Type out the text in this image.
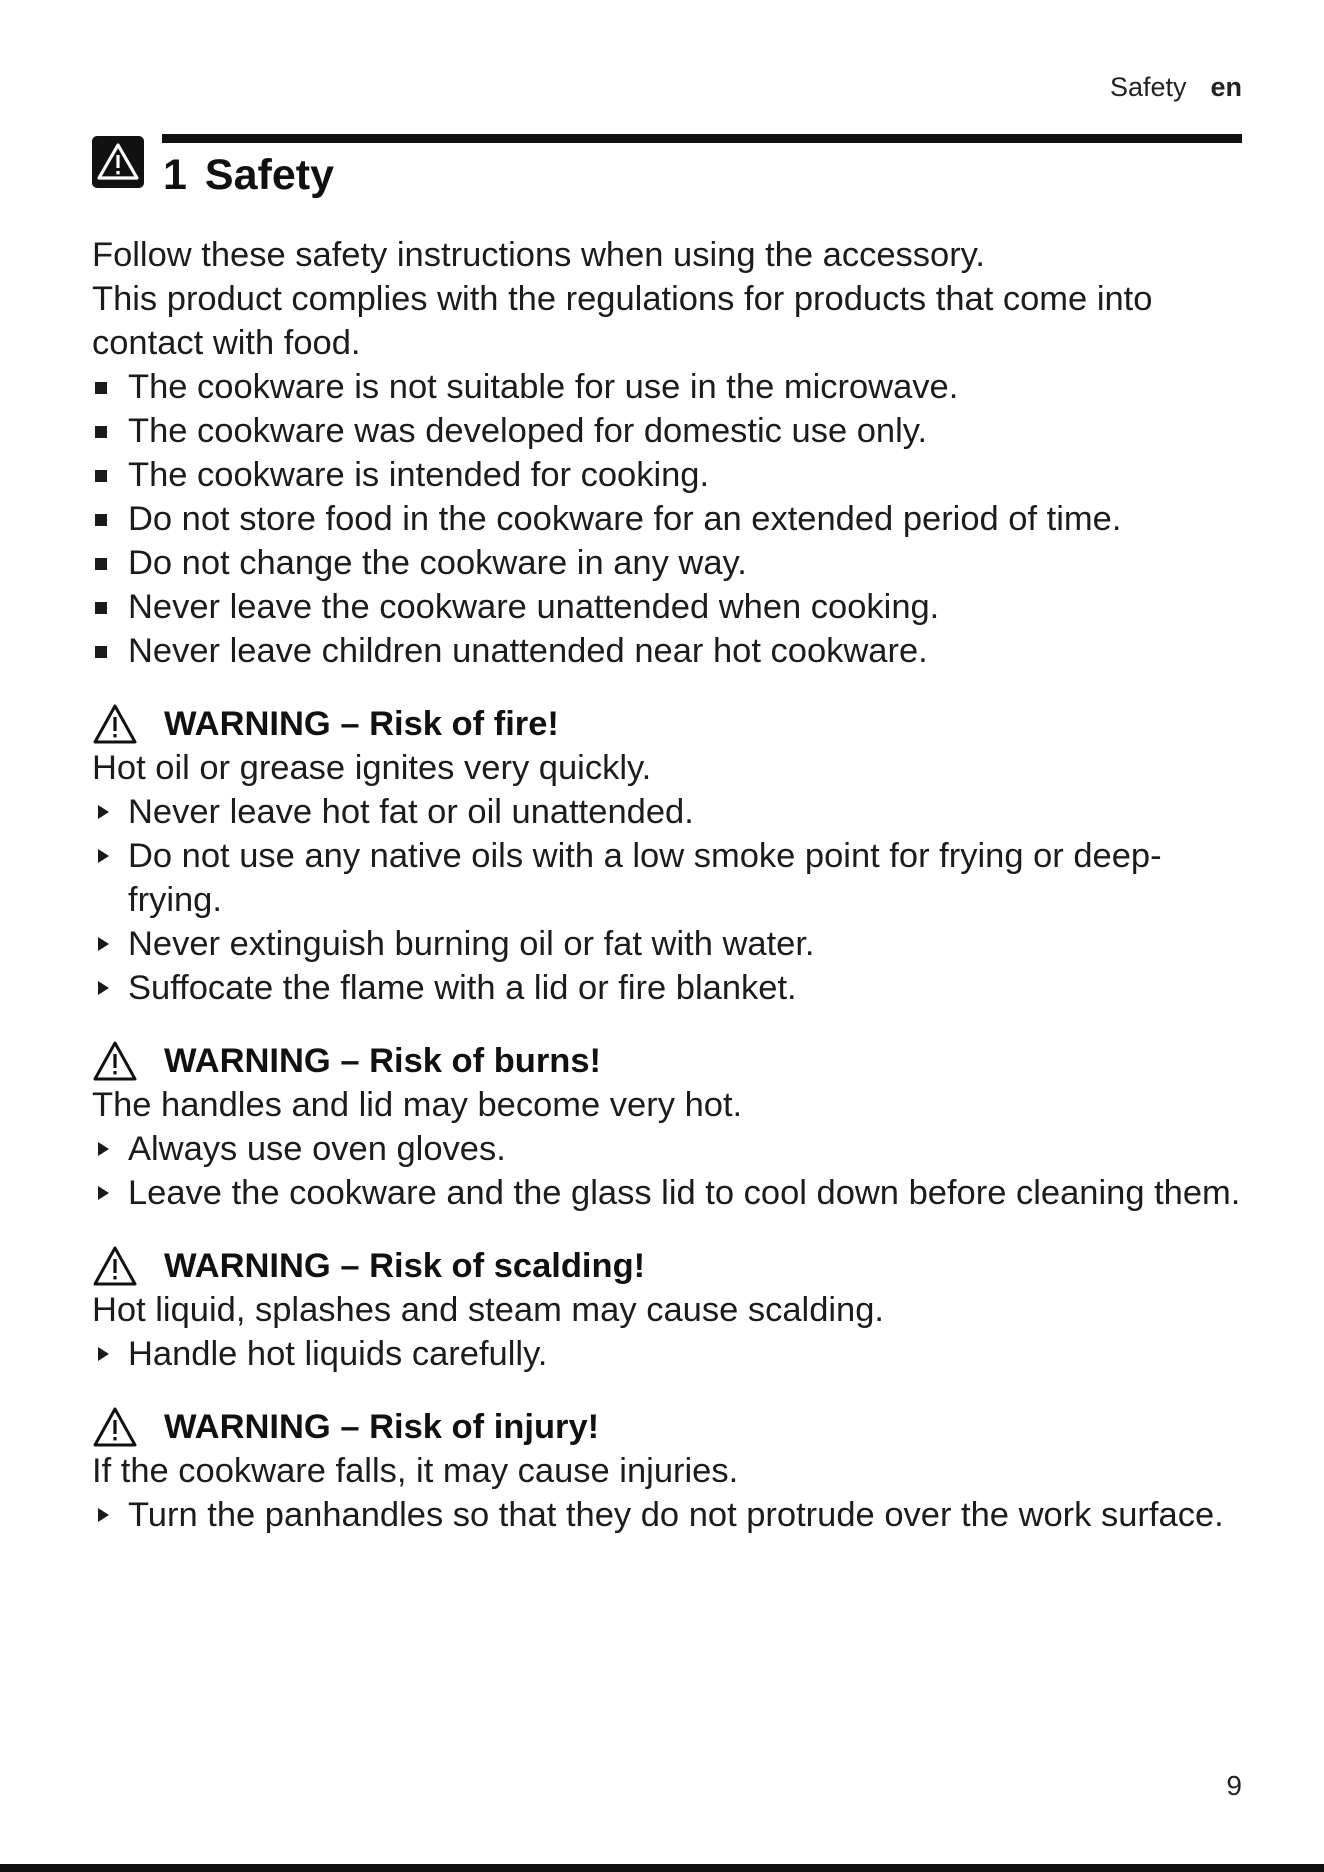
Safety en
1 Safety

Follow these safety instructions when using the accessory.

This product complies with the regulations for products that come into contact with food.

The cookware is not suitable for use in the microwave.
The cookware was developed for domestic use only.
The cookware is intended for cooking.
Do not store food in the cookware for an extended period of time.
Do not change the cookware in any way.
Never leave the cookware unattended when cooking.
Never leave children unattended near hot cookware.
WARNING – Risk of fire!

Hot oil or grease ignites very quickly.

Never leave hot fat or oil unattended.
Do not use any native oils with a low smoke point for frying or deep-frying.
Never extinguish burning oil or fat with water.
Suffocate the flame with a lid or fire blanket.
WARNING – Risk of burns!

The handles and lid may become very hot.

Always use oven gloves.
Leave the cookware and the glass lid to cool down before cleaning them.
WARNING – Risk of scalding!

Hot liquid, splashes and steam may cause scalding.

Handle hot liquids carefully.
WARNING – Risk of injury!

If the cookware falls, it may cause injuries.

Turn the panhandles so that they do not protrude over the work surface.
9
